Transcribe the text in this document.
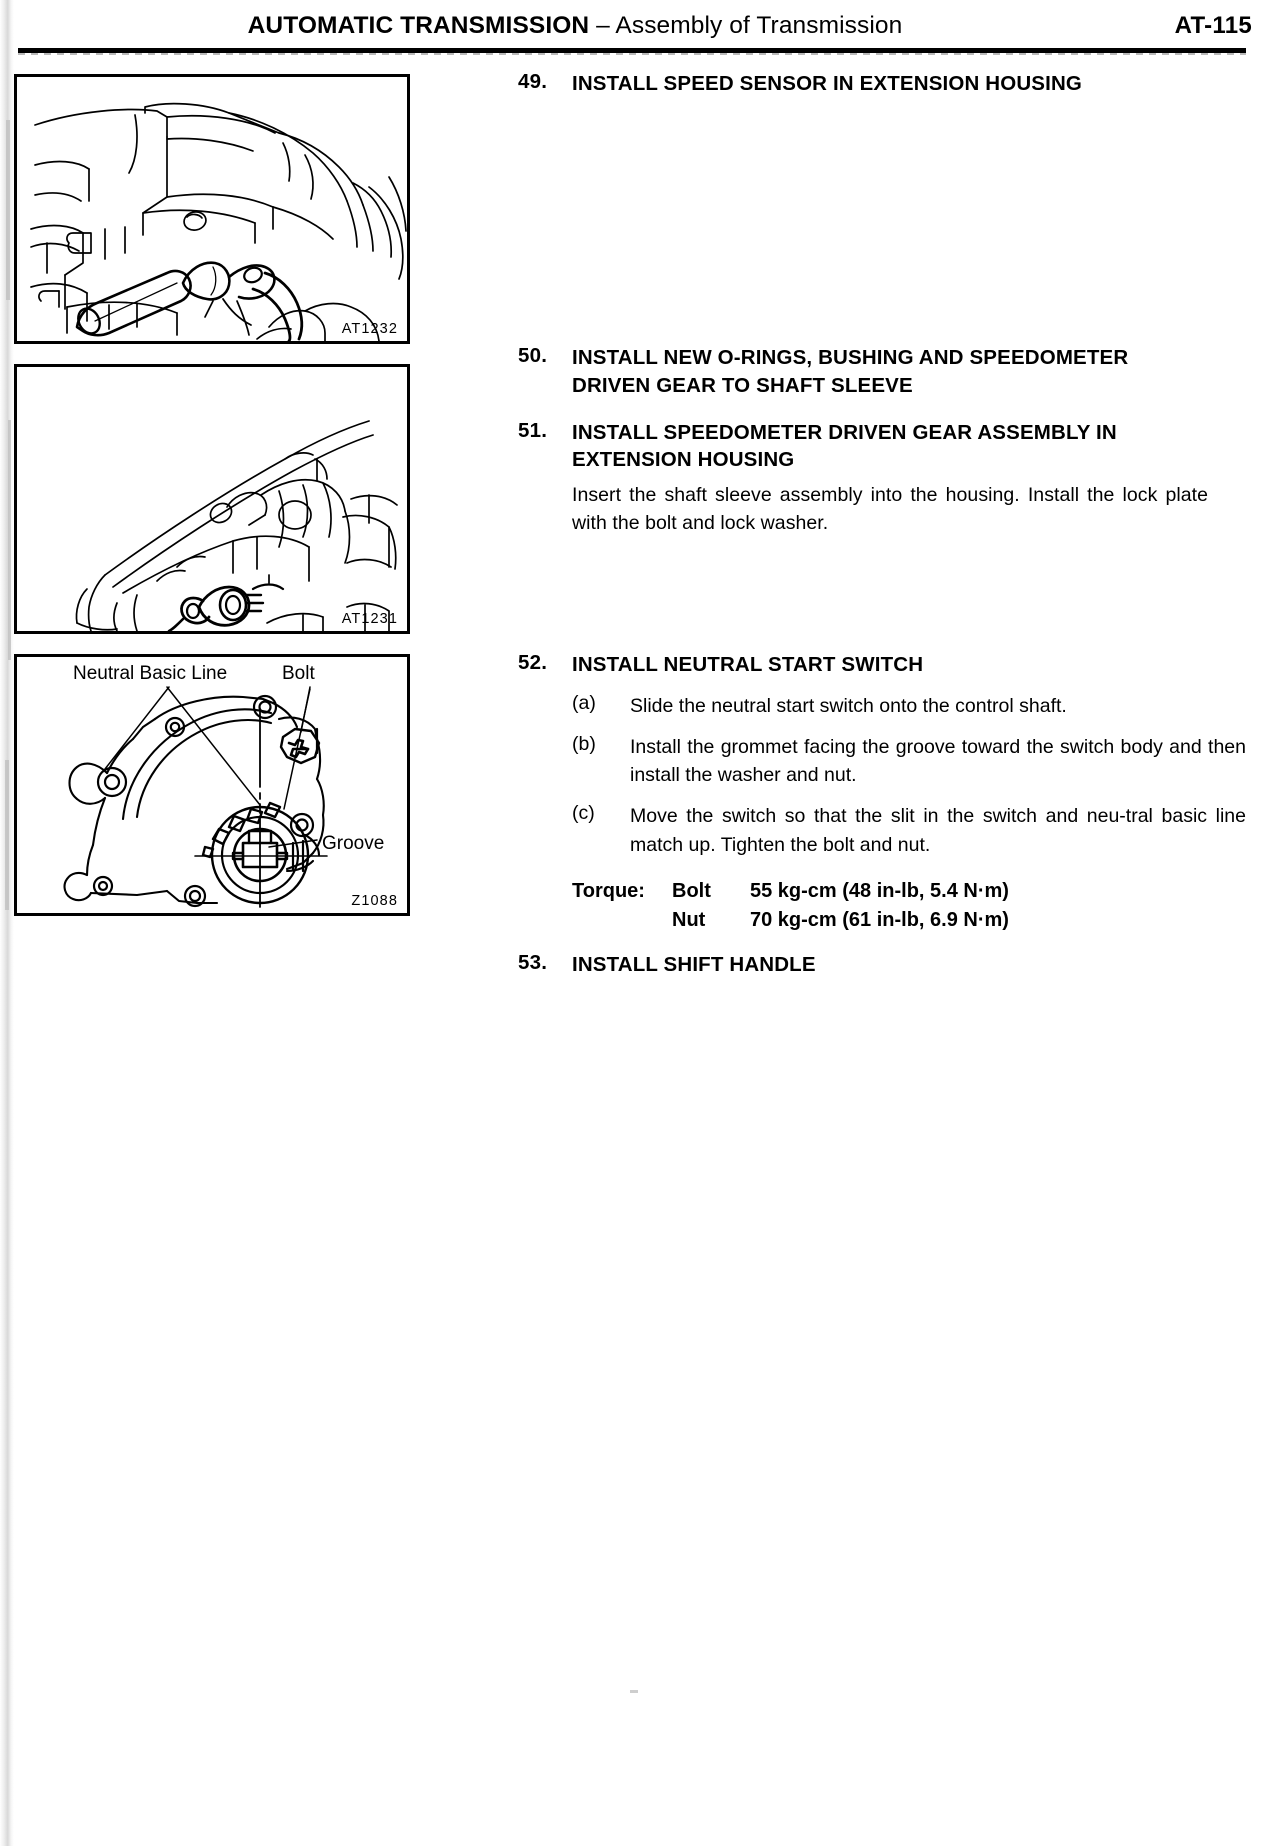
AUTOMATIC TRANSMISSION – Assembly of Transmission	AT-115
AT1232
AT1231
Neutral Basic Line	Bolt
Groove
Z1088
49.	INSTALL SPEED SENSOR IN EXTENSION HOUSING
50.	INSTALL NEW O-RINGS, BUSHING AND SPEEDOMETER
DRIVEN GEAR TO SHAFT SLEEVE
51.	INSTALL SPEEDOMETER DRIVEN GEAR ASSEMBLY IN
EXTENSION HOUSING
Insert the shaft sleeve assembly into the housing. Install the lock plate with the bolt and lock washer.
52.	INSTALL NEUTRAL START SWITCH
(a)	Slide the neutral start switch onto the control shaft.
(b)	Install the grommet facing the groove toward the switch body and then install the washer and nut.
(c)	Move the switch so that the slit in the switch and neu-tral basic line match up. Tighten the bolt and nut.
Torque:	Bolt	55 kg-cm (48 in-lb, 5.4 N·m)
Nut	70 kg-cm (61 in-lb, 6.9 N·m)
53.	INSTALL SHIFT HANDLE
